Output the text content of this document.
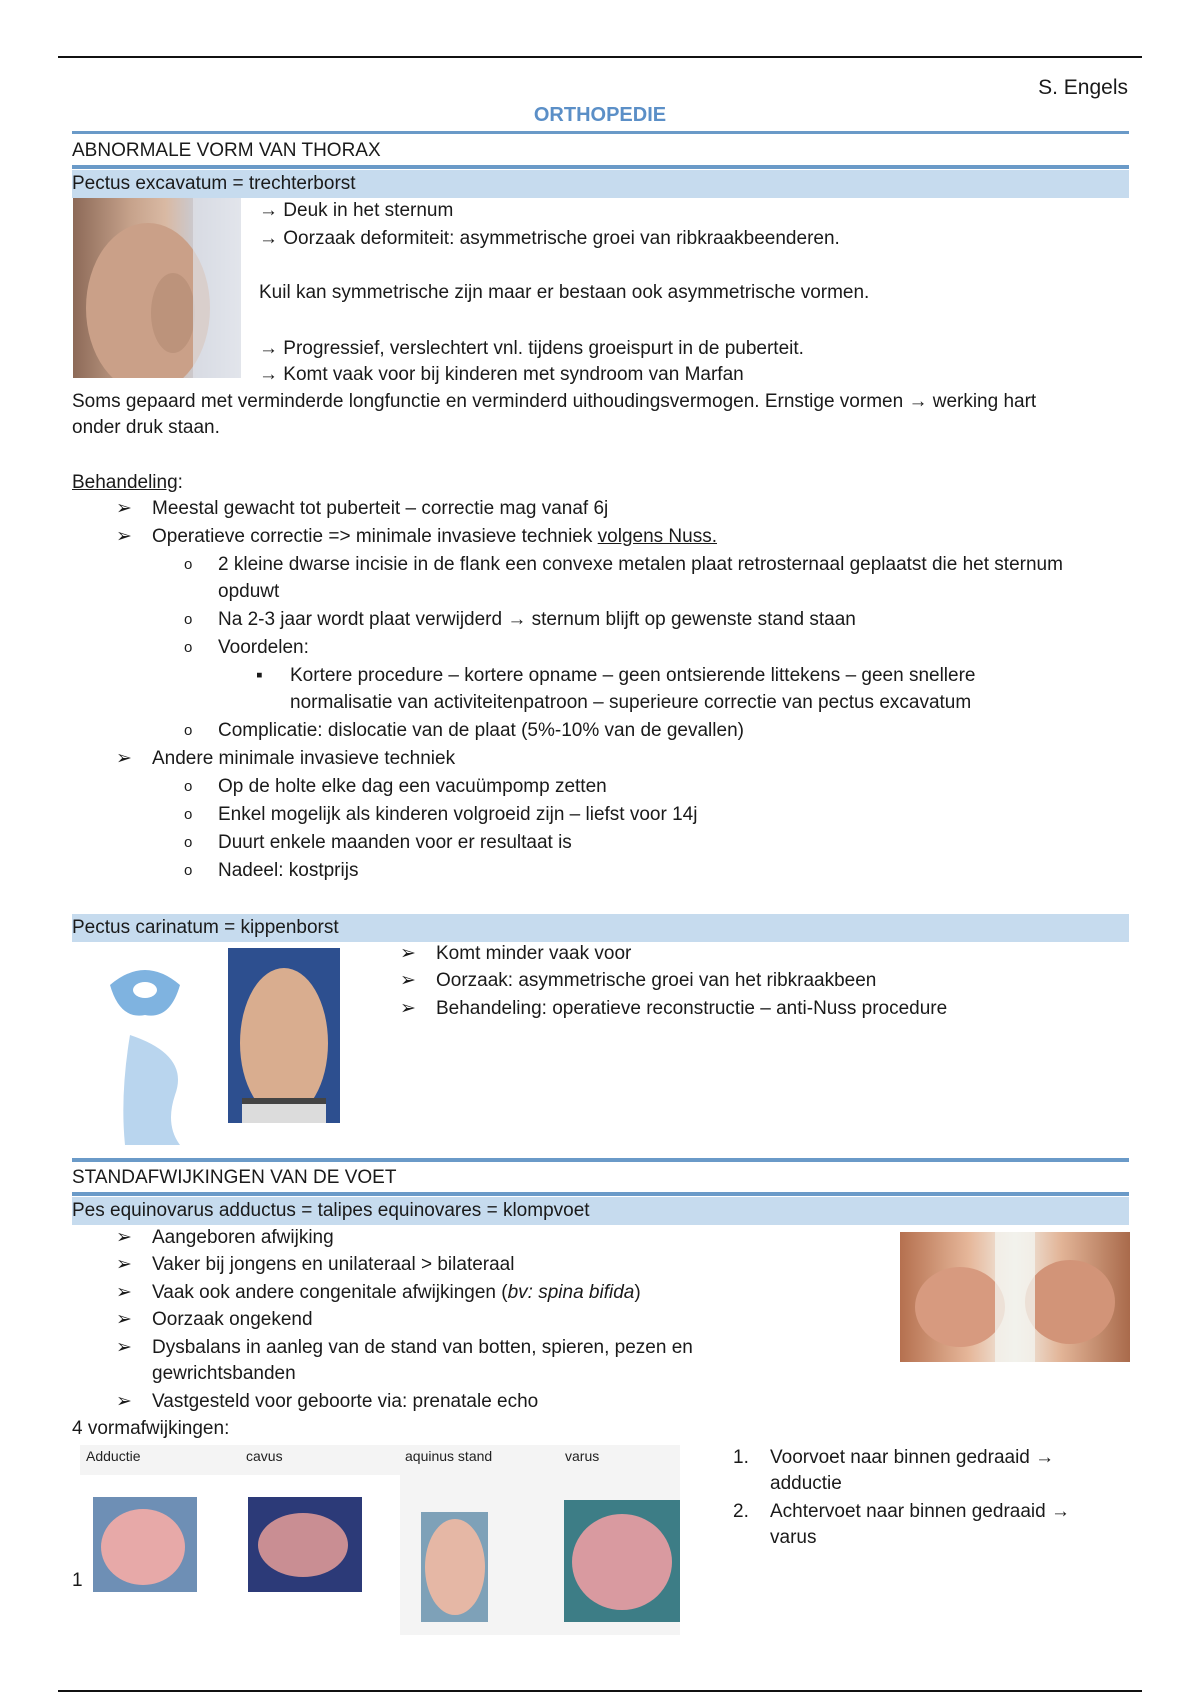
S. Engels
ORTHOPEDIE
ABNORMALE VORM VAN THORAX
Pectus excavatum = trechterborst
→ Deuk in het sternum
→ Oorzaak deformiteit: asymmetrische groei van ribkraakbeenderen.
Kuil kan symmetrische zijn maar er bestaan ook asymmetrische vormen.
→ Progressief, verslechtert vnl. tijdens groeispurt in de puberteit.
→ Komt vaak voor bij kinderen met syndroom van Marfan
Soms gepaard met verminderde longfunctie en verminderd uithoudingsvermogen. Ernstige vormen → werking hart
onder druk staan.
Behandeling:
➢ Meestal gewacht tot puberteit – correctie mag vanaf 6j
➢ Operatieve correctie => minimale invasieve techniek volgens Nuss.
o 2 kleine dwarse incisie in de flank een convexe metalen plaat retrosternaal geplaatst die het sternum
opduwt
o Na 2-3 jaar wordt plaat verwijderd → sternum blijft op gewenste stand staan
o Voordelen:
▪ Kortere procedure – kortere opname – geen ontsierende littekens – geen snellere
normalisatie van activiteitenpatroon – superieure correctie van pectus excavatum
o Complicatie: dislocatie van de plaat (5%-10% van de gevallen)
➢ Andere minimale invasieve techniek
o Op de holte elke dag een vacuümpomp zetten
o Enkel mogelijk als kinderen volgroeid zijn – liefst voor 14j
o Duurt enkele maanden voor er resultaat is
o Nadeel: kostprijs
Pectus carinatum = kippenborst
➢ Komt minder vaak voor
➢ Oorzaak: asymmetrische groei van het ribkraakbeen
➢ Behandeling: operatieve reconstructie – anti-Nuss procedure
STANDAFWIJKINGEN VAN DE VOET
Pes equinovarus adductus = talipes equinovares = klompvoet
➢ Aangeboren afwijking
➢ Vaker bij jongens en unilateraal > bilateraal
➢ Vaak ook andere congenitale afwijkingen (bv: spina bifida)
➢ Oorzaak ongekend
➢ Dysbalans in aanleg van de stand van botten, spieren, pezen en
gewrichtsbanden
➢ Vastgesteld voor geboorte via: prenatale echo
4 vormafwijkingen:
Adductie	cavus	aquinus stand	varus
1
1. Voorvoet naar binnen gedraaid →
adductie
2. Achtervoet naar binnen gedraaid →
varus
